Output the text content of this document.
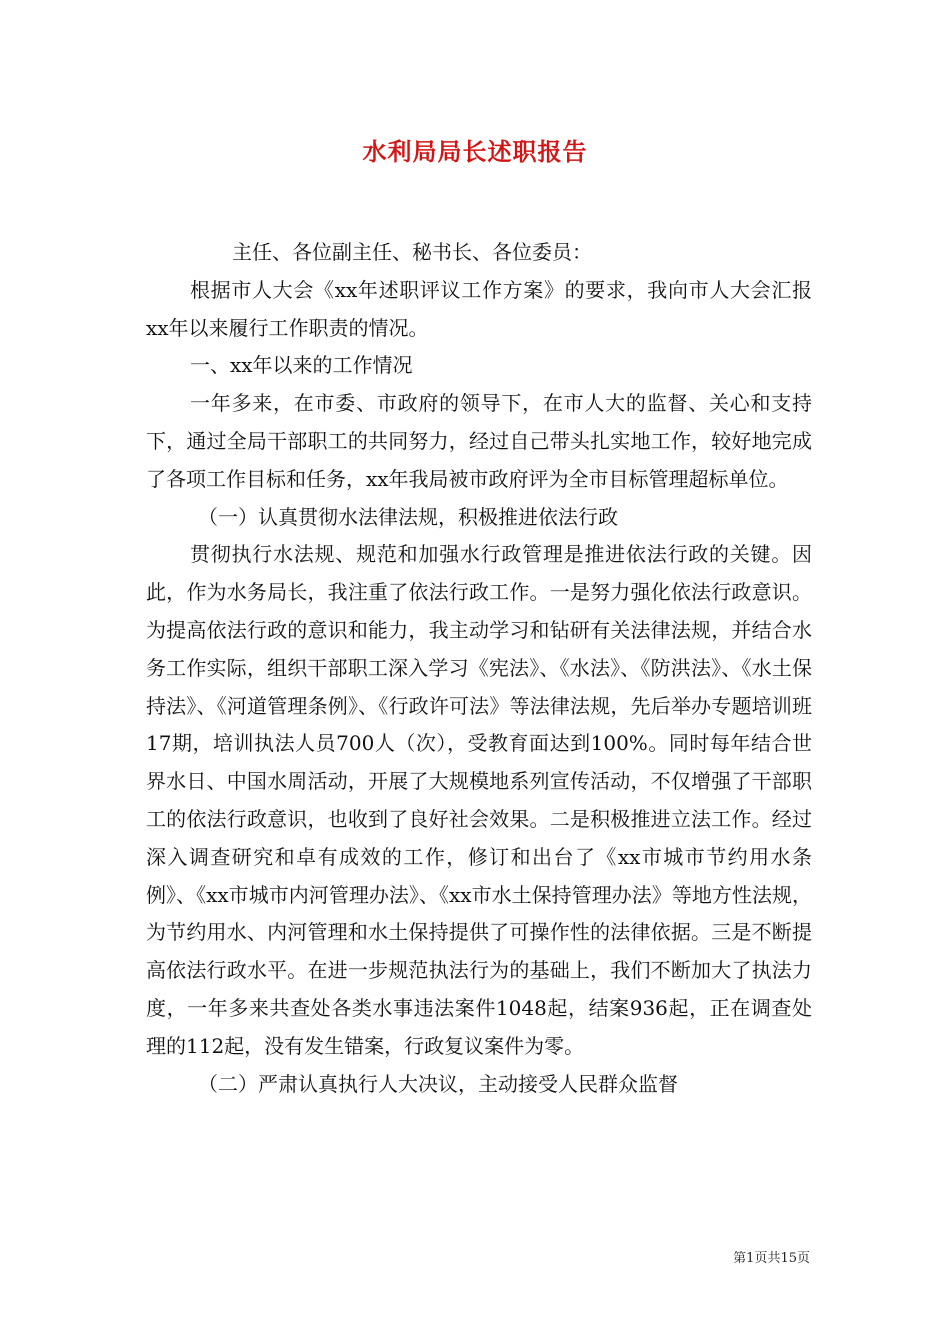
水利局局长述职报告

主任、各位副主任、秘书长、各位委员：

根据市人大会《xx年述职评议工作方案》的要求，我向市人大会汇报xx年以来履行工作职责的情况。

一、xx年以来的工作情况

一年多来，在市委、市政府的领导下，在市人大的监督、关心和支持下，通过全局干部职工的共同努力，经过自己带头扎实地工作，较好地完成了各项工作目标和任务，xx年我局被市政府评为全市目标管理超标单位。

（一）认真贯彻水法律法规，积极推进依法行政

贯彻执行水法规、规范和加强水行政管理是推进依法行政的关键。因此，作为水务局长，我注重了依法行政工作。一是努力强化依法行政意识。为提高依法行政的意识和能力，我主动学习和钻研有关法律法规，并结合水务工作实际，组织干部职工深入学习《宪法》、《水法》、《防洪法》、《水土保持法》、《河道管理条例》、《行政许可法》等法律法规，先后举办专题培训班17期，培训执法人员700人（次），受教育面达到100%。同时每年结合世界水日、中国水周活动，开展了大规模地系列宣传活动，不仅增强了干部职工的依法行政意识，也收到了良好社会效果。二是积极推进立法工作。经过深入调查研究和卓有成效的工作，修订和出台了《xx市城市节约用水条例》、《xx市城市内河管理办法》、《xx市水土保持管理办法》等地方性法规，为节约用水、内河管理和水土保持提供了可操作性的法律依据。三是不断提高依法行政水平。在进一步规范执法行为的基础上，我们不断加大了执法力度，一年多来共查处各类水事违法案件1048起，结案936起，正在调查处理的112起，没有发生错案，行政复议案件为零。

（二）严肃认真执行人大决议，主动接受人民群众监督

第1页共15页
